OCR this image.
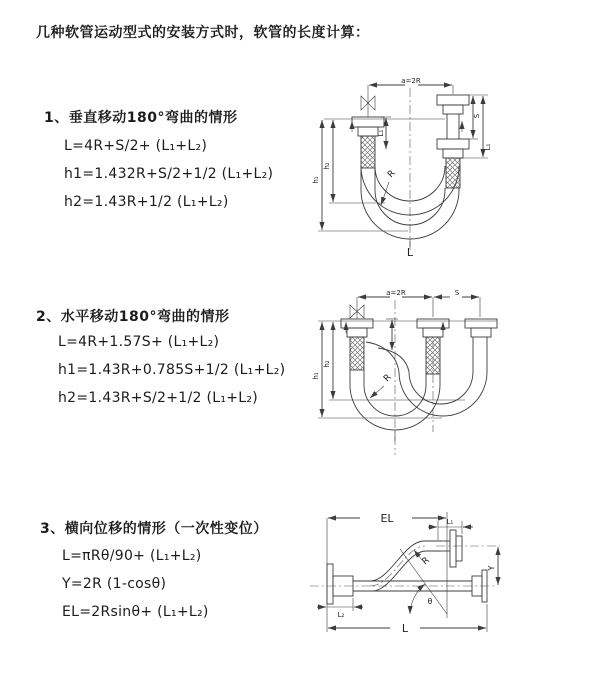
几种软管运动型式的安装方式时，软管的长度计算：
1、垂直移动180°弯曲的情形
L=4R+S/2+ (L₁+L₂)
h1=1.432R+S/2+1/2 (L₁+L₂)
h2=1.43R+1/2 (L₁+L₂)
2、水平移动180°弯曲的情形
L=4R+1.57S+ (L₁+L₂)
h1=1.43R+0.785S+1/2 (L₁+L₂)
h2=1.43R+S/2+1/2 (L₁+L₂)
3、横向位移的情形（一次性变位）
L=πRθ/90+ (L₁+L₂)
Y=2R (1-cosθ)
EL=2Rsinθ+ (L₁+L₂)
a=2R
R
L
h₁
h₂
L₁
S
L₁
a=2R	S
R
h₁
h₂
EL	L₁
R
θ
Y
L₂
L
